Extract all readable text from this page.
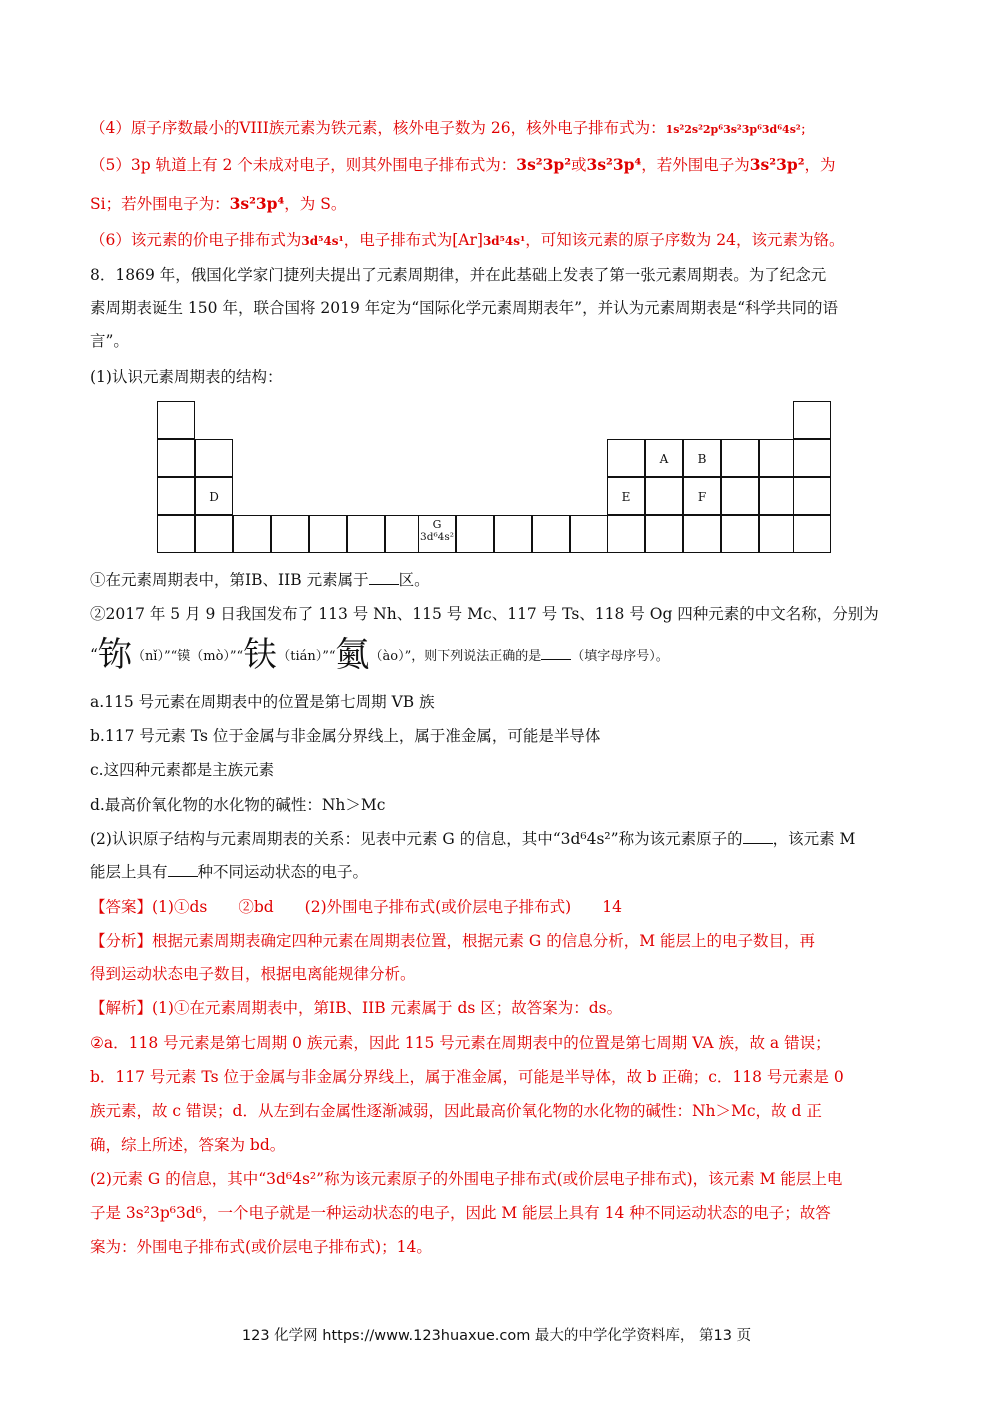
（4）原子序数最小的VIII族元素为铁元素，核外电子数为 26，核外电子排布式为：1s²2s²2p⁶3s²3p⁶3d⁶4s²；
（5）3p 轨道上有 2 个未成对电子，则其外围电子排布式为：3s²3p²或3s²3p⁴，若外围电子为3s²3p²，为
Si；若外围电子为：3s²3p⁴，为 S。
（6）该元素的价电子排布式为3d⁵4s¹，电子排布式为[Ar]3d⁵4s¹，可知该元素的原子序数为 24，该元素为铬。
8．1869 年，俄国化学家门捷列夫提出了元素周期律，并在此基础上发表了第一张元素周期表。为了纪念元
素周期表诞生 150 年，联合国将 2019 年定为“国际化学元素周期表年”，并认为元素周期表是“科学共同的语
言”。
(1)认识元素周期表的结构：
D
G
3d⁶4s²
A	B
E	F
①在元素周期表中，第IB、IIB 元素属于 区。
②2017 年 5 月 9 日我国发布了 113 号 Nh、115 号 Mc、117 号 Ts、118 号 Og 四种元素的中文名称，分别为
“鿭（nǐ）”“镆（mò）”“𫓧（tián）”“鿫（ào）”，则下列说法正确的是 （填字母序号）。
a.115 号元素在周期表中的位置是第七周期 VB 族
b.117 号元素 Ts 位于金属与非金属分界线上，属于准金属，可能是半导体
c.这四种元素都是主族元素
d.最高价氧化物的水化物的碱性：Nh＞Mc
(2)认识原子结构与元素周期表的关系：见表中元素 G 的信息，其中“3d⁶4s²”称为该元素原子的 ，该元素 M
能层上具有 种不同运动状态的电子。
【答案】(1)①ds　　②bd　　(2)外围电子排布式(或价层电子排布式)　　14
【分析】根据元素周期表确定四种元素在周期表位置，根据元素 G 的信息分析，M 能层上的电子数目，再
得到运动状态电子数目，根据电离能规律分析。
【解析】(1)①在元素周期表中，第IB、IIB 元素属于 ds 区；故答案为：ds。
②a．118 号元素是第七周期 0 族元素，因此 115 号元素在周期表中的位置是第七周期 VA 族，故 a 错误；
b．117 号元素 Ts 位于金属与非金属分界线上，属于准金属，可能是半导体，故 b 正确；c．118 号元素是 0
族元素，故 c 错误；d．从左到右金属性逐渐减弱，因此最高价氧化物的水化物的碱性：Nh＞Mc，故 d 正
确，综上所述，答案为 bd。
(2)元素 G 的信息，其中“3d⁶4s²”称为该元素原子的外围电子排布式(或价层电子排布式)，该元素 M 能层上电
子是 3s²3p⁶3d⁶，一个电子就是一种运动状态的电子，因此 M 能层上具有 14 种不同运动状态的电子；故答
案为：外围电子排布式(或价层电子排布式)；14。
123 化学网 https://www.123huaxue.com 最大的中学化学资料库， 第13 页
